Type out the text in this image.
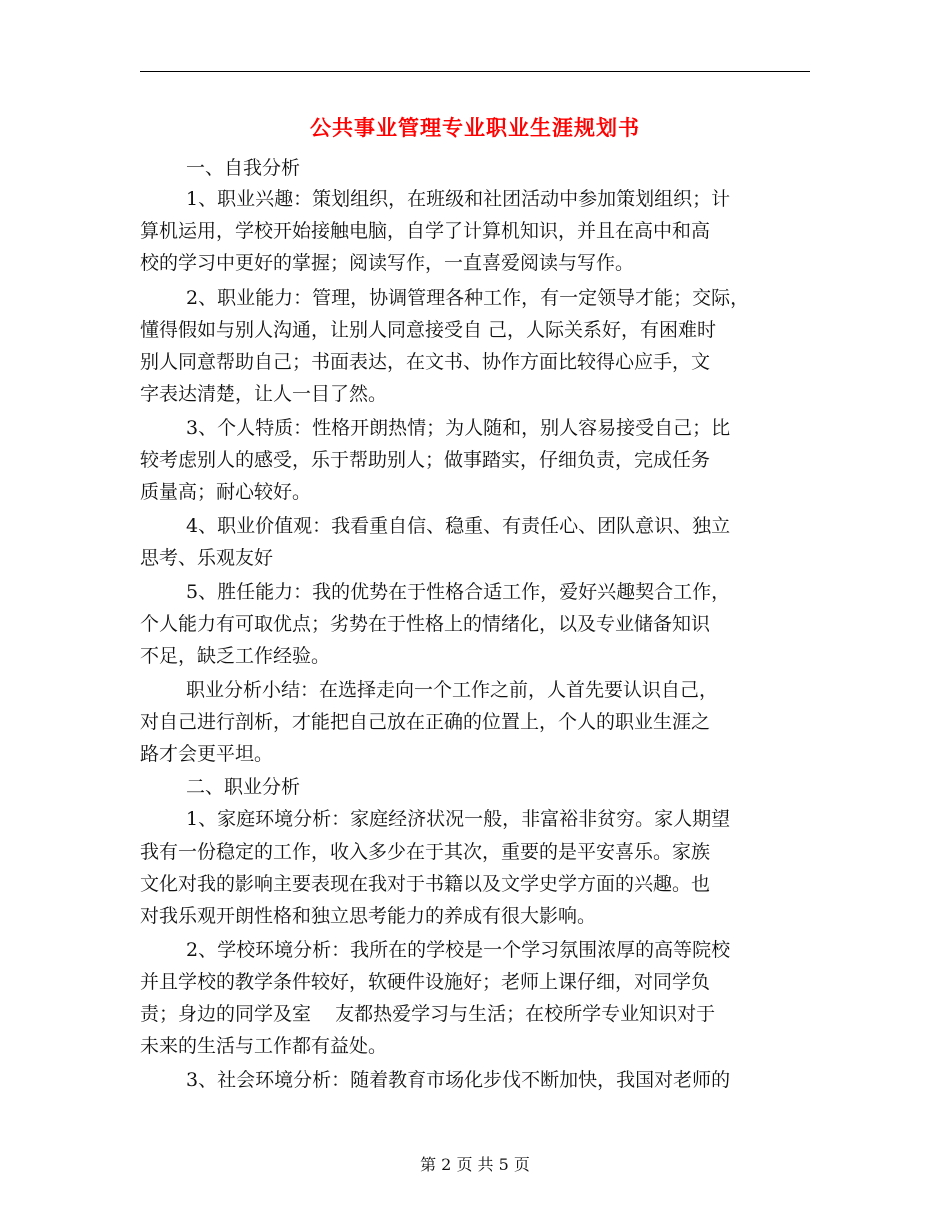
公共事业管理专业职业生涯规划书
一、自我分析
1、职业兴趣：策划组织，在班级和社团活动中参加策划组织；计
算机运用，学校开始接触电脑，自学了计算机知识，并且在高中和高
校的学习中更好的掌握；阅读写作，一直喜爱阅读与写作。
2、职业能力：管理，协调管理各种工作，有一定领导才能；交际，
懂得假如与别人沟通，让别人同意接受自 己，人际关系好，有困难时
别人同意帮助自己；书面表达，在文书、协作方面比较得心应手，文
字表达清楚，让人一目了然。
3、个人特质：性格开朗热情；为人随和，别人容易接受自己；比
较考虑别人的感受，乐于帮助别人；做事踏实，仔细负责，完成任务
质量高；耐心较好。
4、职业价值观：我看重自信、稳重、有责任心、团队意识、独立
思考、乐观友好
5、胜任能力：我的优势在于性格合适工作，爱好兴趣契合工作，
个人能力有可取优点；劣势在于性格上的情绪化，以及专业储备知识
不足，缺乏工作经验。
职业分析小结：在选择走向一个工作之前，人首先要认识自己，
对自己进行剖析，才能把自己放在正确的位置上，个人的职业生涯之
路才会更平坦。
二、职业分析
1、家庭环境分析：家庭经济状况一般，非富裕非贫穷。家人期望
我有一份稳定的工作，收入多少在于其次，重要的是平安喜乐。家族
文化对我的影响主要表现在我对于书籍以及文学史学方面的兴趣。也
对我乐观开朗性格和独立思考能力的养成有很大影响。
2、学校环境分析：我所在的学校是一个学习氛围浓厚的高等院校
并且学校的教学条件较好，软硬件设施好；老师上课仔细，对同学负
责；身边的同学及室    友都热爱学习与生活；在校所学专业知识对于
未来的生活与工作都有益处。
3、社会环境分析：随着教育市场化步伐不断加快，我国对老师的
第 2 页 共 5 页
